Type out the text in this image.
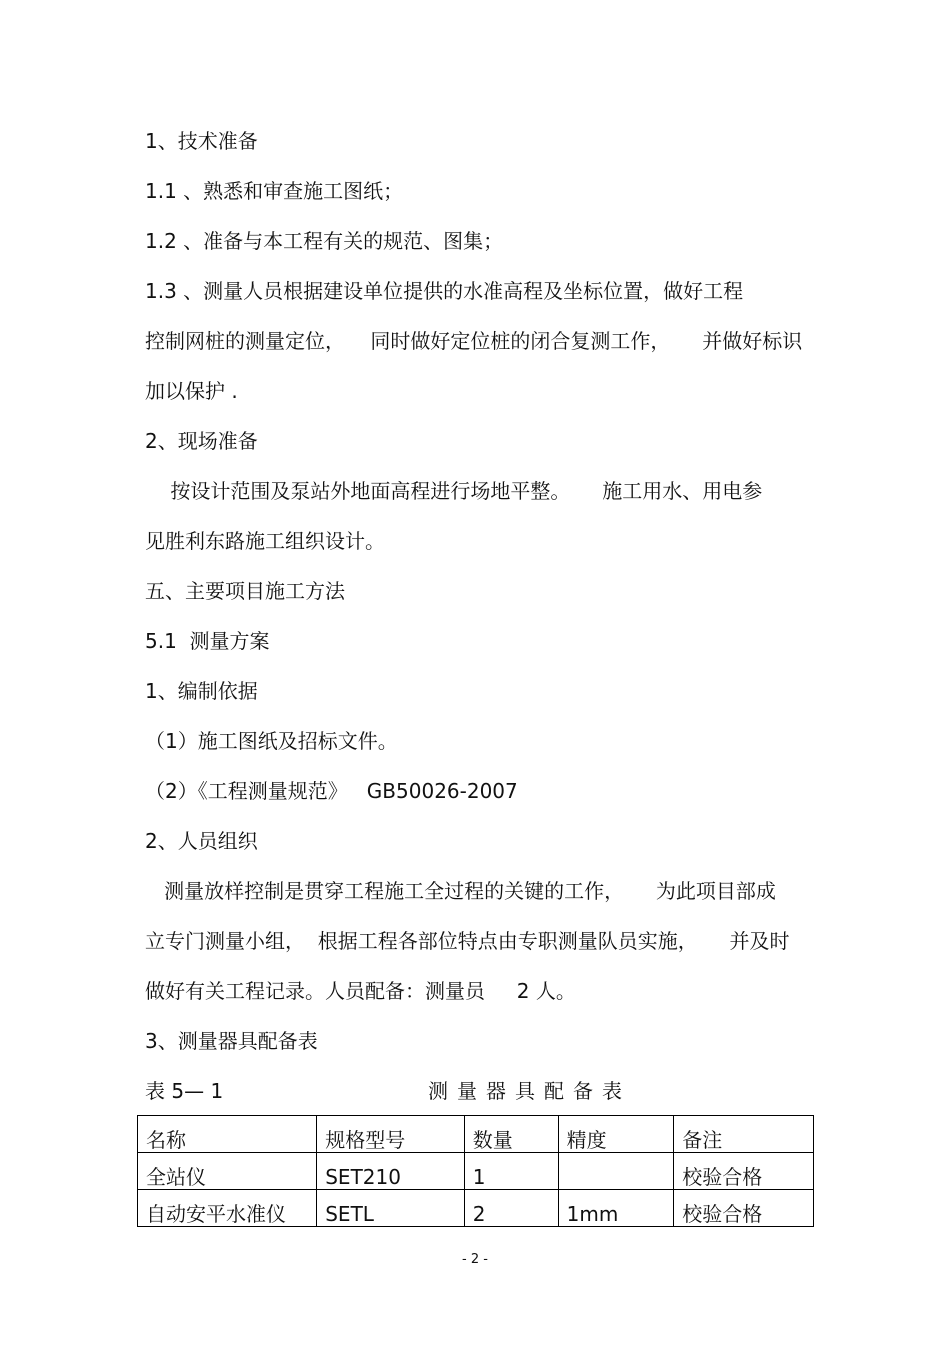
1、技术准备
1.1 、熟悉和审查施工图纸；
1.2 、准备与本工程有关的规范、图集；
1.3 、测量人员根据建设单位提供的水准高程及坐标位置，做好工程
控制网桩的测量定位，    同时做好定位桩的闭合复测工作，     并做好标识
加以保护 .
2、现场准备
按设计范围及泵站外地面高程进行场地平整。     施工用水、用电参
见胜利东路施工组织设计。
五、主要项目施工方法
5.1  测量方案
1、编制依据
（1）施工图纸及招标文件。
（2）《工程测量规范》   GB50026-2007
2、人员组织
测量放样控制是贯穿工程施工全过程的关键的工作，     为此项目部成
立专门测量小组，  根据工程各部位特点由专职测量队员实施，     并及时
做好有关工程记录。人员配备：测量员     2 人。
3、测量器具配备表
表 5— 1	测量器具配备表
名称	规格型号	数量	精度	备注
全站仪	SET210	1		校验合格
自动安平水准仪	SETL	2	1mm	校验合格
- 2 -
